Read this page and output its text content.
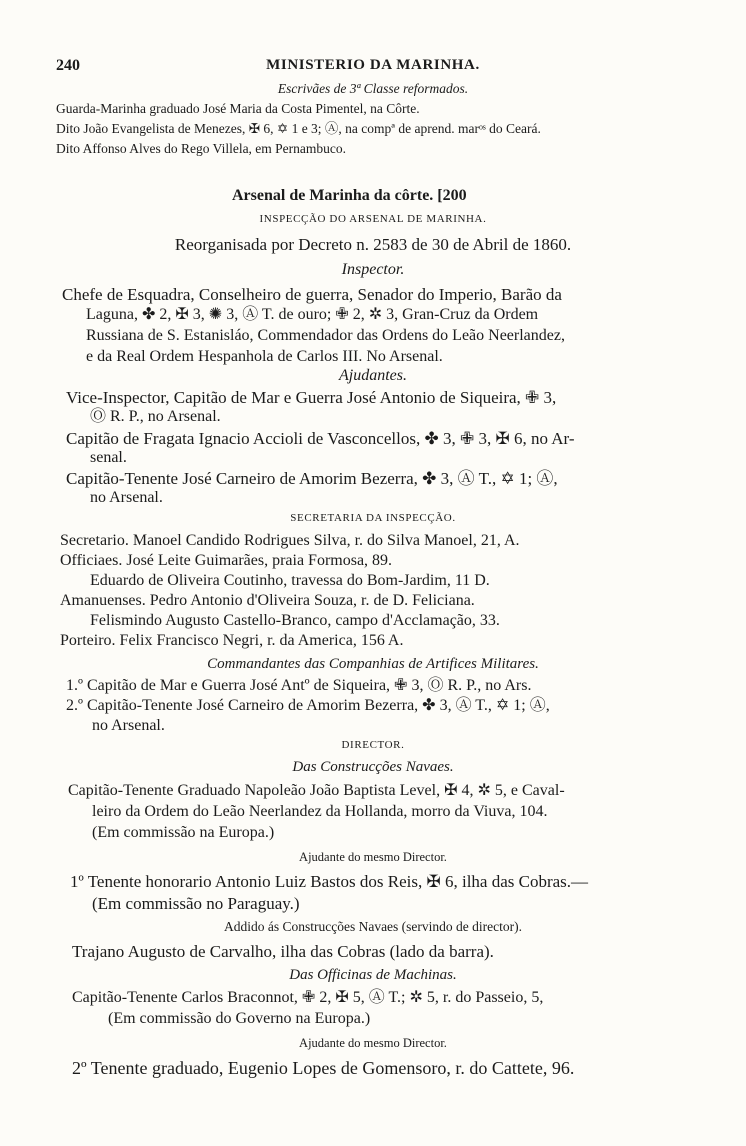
240	MINISTERIO DA MARINHA.
Escrivães de 3ª Classe reformados.
Guarda-Marinha graduado José Maria da Costa Pimentel, na Côrte.
Dito João Evangelista de Menezes, ✠ 6, ✡ 1 e 3; Ⓐ, na compª de aprend. marᵒˢ do Ceará.
Dito Affonso Alves do Rego Villela, em Pernambuco.
Arsenal de Marinha da côrte. [200
INSPECÇÃO DO ARSENAL DE MARINHA.
Reorganisada por Decreto n. 2583 de 30 de Abril de 1860.
Inspector.
Chefe de Esquadra, Conselheiro de guerra, Senador do Imperio, Barão da
Laguna, ✤ 2, ✠ 3, ✺ 3, Ⓐ T. de ouro; ✙ 2, ✲ 3, Gran-Cruz da Ordem
Russiana de S. Estanisláo, Commendador das Ordens do Leão Neerlandez,
e da Real Ordem Hespanhola de Carlos III. No Arsenal.
Ajudantes.
Vice-Inspector, Capitão de Mar e Guerra José Antonio de Siqueira, ✙ 3,
Ⓞ R. P., no Arsenal.
Capitão de Fragata Ignacio Accioli de Vasconcellos, ✤ 3, ✙ 3, ✠ 6, no Ar-
senal.
Capitão-Tenente José Carneiro de Amorim Bezerra, ✤ 3, Ⓐ T., ✡ 1; Ⓐ,
no Arsenal.
SECRETARIA DA INSPECÇÃO.
Secretario. Manoel Candido Rodrigues Silva, r. do Silva Manoel, 21, A.
Officiaes. José Leite Guimarães, praia Formosa, 89.
Eduardo de Oliveira Coutinho, travessa do Bom-Jardim, 11 D.
Amanuenses. Pedro Antonio d'Oliveira Souza, r. de D. Feliciana.
Felismindo Augusto Castello-Branco, campo d'Acclamação, 33.
Porteiro. Felix Francisco Negri, r. da America, 156 A.
Commandantes das Companhias de Artifices Militares.
1.º Capitão de Mar e Guerra José Antº de Siqueira, ✙ 3, Ⓞ R. P., no Ars.
2.º Capitão-Tenente José Carneiro de Amorim Bezerra, ✤ 3, Ⓐ T., ✡ 1; Ⓐ,
no Arsenal.
DIRECTOR.
Das Construcções Navaes.
Capitão-Tenente Graduado Napoleão João Baptista Level, ✠ 4, ✲ 5, e Caval-
leiro da Ordem do Leão Neerlandez da Hollanda, morro da Viuva, 104.
(Em commissão na Europa.)
Ajudante do mesmo Director.
1º Tenente honorario Antonio Luiz Bastos dos Reis, ✠ 6, ilha das Cobras.—
(Em commissão no Paraguay.)
Addido ás Construcções Navaes (servindo de director).
Trajano Augusto de Carvalho, ilha das Cobras (lado da barra).
Das Officinas de Machinas.
Capitão-Tenente Carlos Braconnot, ✙ 2, ✠ 5, Ⓐ T.; ✲ 5, r. do Passeio, 5,
(Em commissão do Governo na Europa.)
Ajudante do mesmo Director.
2º Tenente graduado, Eugenio Lopes de Gomensoro, r. do Cattete, 96.
